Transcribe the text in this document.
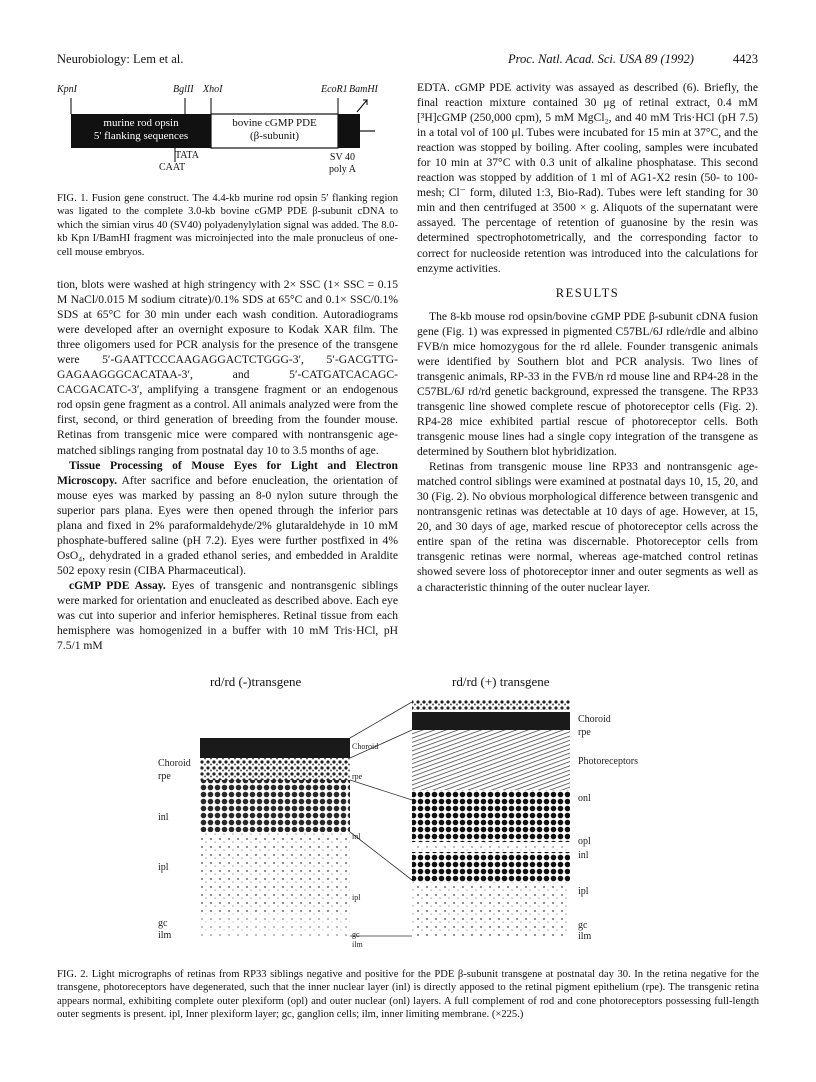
Neurobiology: Lem et al.	Proc. Natl. Acad. Sci. USA 89 (1992)	4423
KpnI	BglII XhoI	EcoR1 BamHI
murine rod opsin
5' flanking sequences
bovine cGMP PDE
(β-subunit)
TATA
CAAT
SV 40
poly A
FIG. 1. Fusion gene construct. The 4.4-kb murine rod opsin 5′ flanking region was ligated to the complete 3.0-kb bovine cGMP PDE β-subunit cDNA to which the simian virus 40 (SV40) polyadenylylation signal was added. The 8.0-kb Kpn I/BamHI fragment was microinjected into the male pronucleus of one-cell mouse embryos.

tion, blots were washed at high stringency with 2× SSC (1× SSC = 0.15 M NaCl/0.015 M sodium citrate)/0.1% SDS at 65°C and 0.1× SSC/0.1% SDS at 65°C for 30 min under each wash condition. Autoradiograms were developed after an overnight exposure to Kodak XAR film. The three oligomers used for PCR analysis for the presence of the transgene were 5′-GAATTCCCAAGAGGACTCTGGG-3′, 5′-GACGTTG-GAGAAGGGCACATAA-3′, and 5′-CATGATCACAGC-CACGACATC-3′, amplifying a transgene fragment or an endogenous rod opsin gene fragment as a control. All animals analyzed were from the first, second, or third generation of breeding from the founder mouse. Retinas from transgenic mice were compared with nontransgenic age-matched siblings ranging from postnatal day 10 to 3.5 months of age.

Tissue Processing of Mouse Eyes for Light and Electron Microscopy. After sacrifice and before enucleation, the orientation of mouse eyes was marked by passing an 8-0 nylon suture through the superior pars plana. Eyes were then opened through the inferior pars plana and fixed in 2% paraformaldehyde/2% glutaraldehyde in 10 mM phosphate-buffered saline (pH 7.2). Eyes were further postfixed in 4% OsO₄, dehydrated in a graded ethanol series, and embedded in Araldite 502 epoxy resin (CIBA Pharmaceutical).

cGMP PDE Assay. Eyes of transgenic and nontransgenic siblings were marked for orientation and enucleated as described above. Each eye was cut into superior and inferior hemispheres. Retinal tissue from each hemisphere was homogenized in a buffer with 10 mM Tris·HCl, pH 7.5/1 mM

EDTA. cGMP PDE activity was assayed as described (6). Briefly, the final reaction mixture contained 30 μg of retinal extract, 0.4 mM [³H]cGMP (250,000 cpm), 5 mM MgCl₂, and 40 mM Tris·HCl (pH 7.5) in a total vol of 100 μl. Tubes were incubated for 15 min at 37°C, and the reaction was stopped by boiling. After cooling, samples were incubated for 10 min at 37°C with 0.3 unit of alkaline phosphatase. This second reaction was stopped by addition of 1 ml of AG1-X2 resin (50- to 100-mesh; Cl⁻ form, diluted 1:3, Bio-Rad). Tubes were left standing for 30 min and then centrifuged at 3500 × g. Aliquots of the supernatant were assayed. The percentage of retention of guanosine by the resin was determined spectrophotometrically, and the corresponding factor to correct for nucleoside retention was introduced into the calculations for enzyme activities.

RESULTS

The 8-kb mouse rod opsin/bovine cGMP PDE β-subunit cDNA fusion gene (Fig. 1) was expressed in pigmented C57BL/6J rdle/rdle and albino FVB/n mice homozygous for the rd allele. Founder transgenic animals were identified by Southern blot and PCR analysis. Two lines of transgenic animals, RP-33 in the FVB/n rd mouse line and RP4-28 in the C57BL/6J rd/rd genetic background, expressed the transgene. The RP33 transgenic line showed complete rescue of photoreceptor cells (Fig. 2). RP4-28 mice exhibited partial rescue of photoreceptor cells. Both transgenic mouse lines had a single copy integration of the transgene as determined by Southern blot hybridization.

Retinas from transgenic mouse line RP33 and nontransgenic age-matched control siblings were examined at postnatal days 10, 15, 20, and 30 (Fig. 2). No obvious morphological difference between transgenic and nontransgenic retinas was detectable at 10 days of age. However, at 15, 20, and 30 days of age, marked rescue of photoreceptor cells across the entire span of the retina was discernable. Photoreceptor cells from transgenic retinas were normal, whereas age-matched control retinas showed severe loss of photoreceptor inner and outer segments as well as a characteristic thinning of the outer nuclear layer.

rd/rd (-)transgene	rd/rd (+) transgene
Choroid
rpe
inl
ipl
gc
ilm
Choroid
rpe
inl
ipl
gc
ilm
Choroid
rpe
Photoreceptors
onl
opl
inl
ipl
gc
ilm
FIG. 2. Light micrographs of retinas from RP33 siblings negative and positive for the PDE β-subunit transgene at postnatal day 30. In the retina negative for the transgene, photoreceptors have degenerated, such that the inner nuclear layer (inl) is directly apposed to the retinal pigment epithelium (rpe). The transgenic retina appears normal, exhibiting complete outer plexiform (opl) and outer nuclear (onl) layers. A full complement of rod and cone photoreceptors possessing full-length outer segments is present. ipl, Inner plexiform layer; gc, ganglion cells; ilm, inner limiting membrane. (×225.)
